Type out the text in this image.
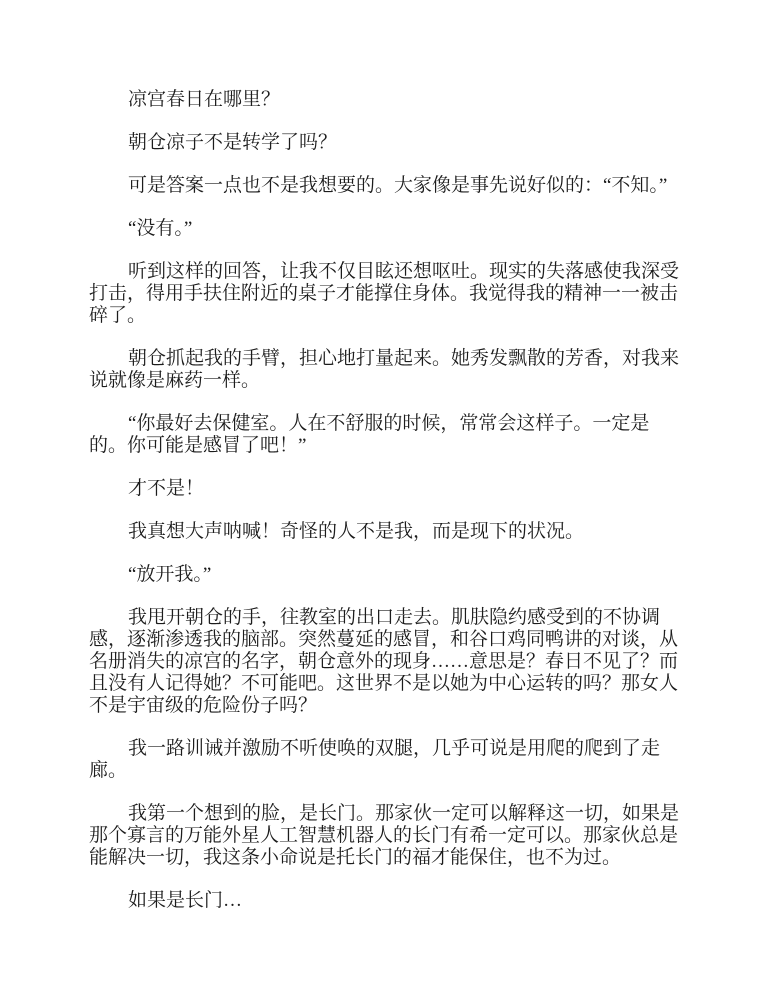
凉宫春日在哪里？
朝仓凉子不是转学了吗？
可是答案一点也不是我想要的。大家像是事先说好似的：“不知。”
“没有。”
听到这样的回答，让我不仅目眩还想呕吐。现实的失落感使我深受
打击，得用手扶住附近的桌子才能撑住身体。我觉得我的精神一一被击
碎了。
朝仓抓起我的手臂，担心地打量起来。她秀发飘散的芳香，对我来
说就像是麻药一样。
“你最好去保健室。人在不舒服的时候，常常会这样子。一定是
的。你可能是感冒了吧！”
才不是！
我真想大声呐喊！奇怪的人不是我，而是现下的状况。
“放开我。”
我甩开朝仓的手，往教室的出口走去。肌肤隐约感受到的不协调
感，逐渐渗透我的脑部。突然蔓延的感冒，和谷口鸡同鸭讲的对谈，从
名册消失的凉宫的名字，朝仓意外的现身……意思是？春日不见了？而
且没有人记得她？不可能吧。这世界不是以她为中心运转的吗？那女人
不是宇宙级的危险份子吗？
我一路训诫并激励不听使唤的双腿，几乎可说是用爬的爬到了走
廊。
我第一个想到的脸，是长门。那家伙一定可以解释这一切，如果是
那个寡言的万能外星人工智慧机器人的长门有希一定可以。那家伙总是
能解决一切，我这条小命说是托长门的福才能保住，也不为过。
如果是长门…
